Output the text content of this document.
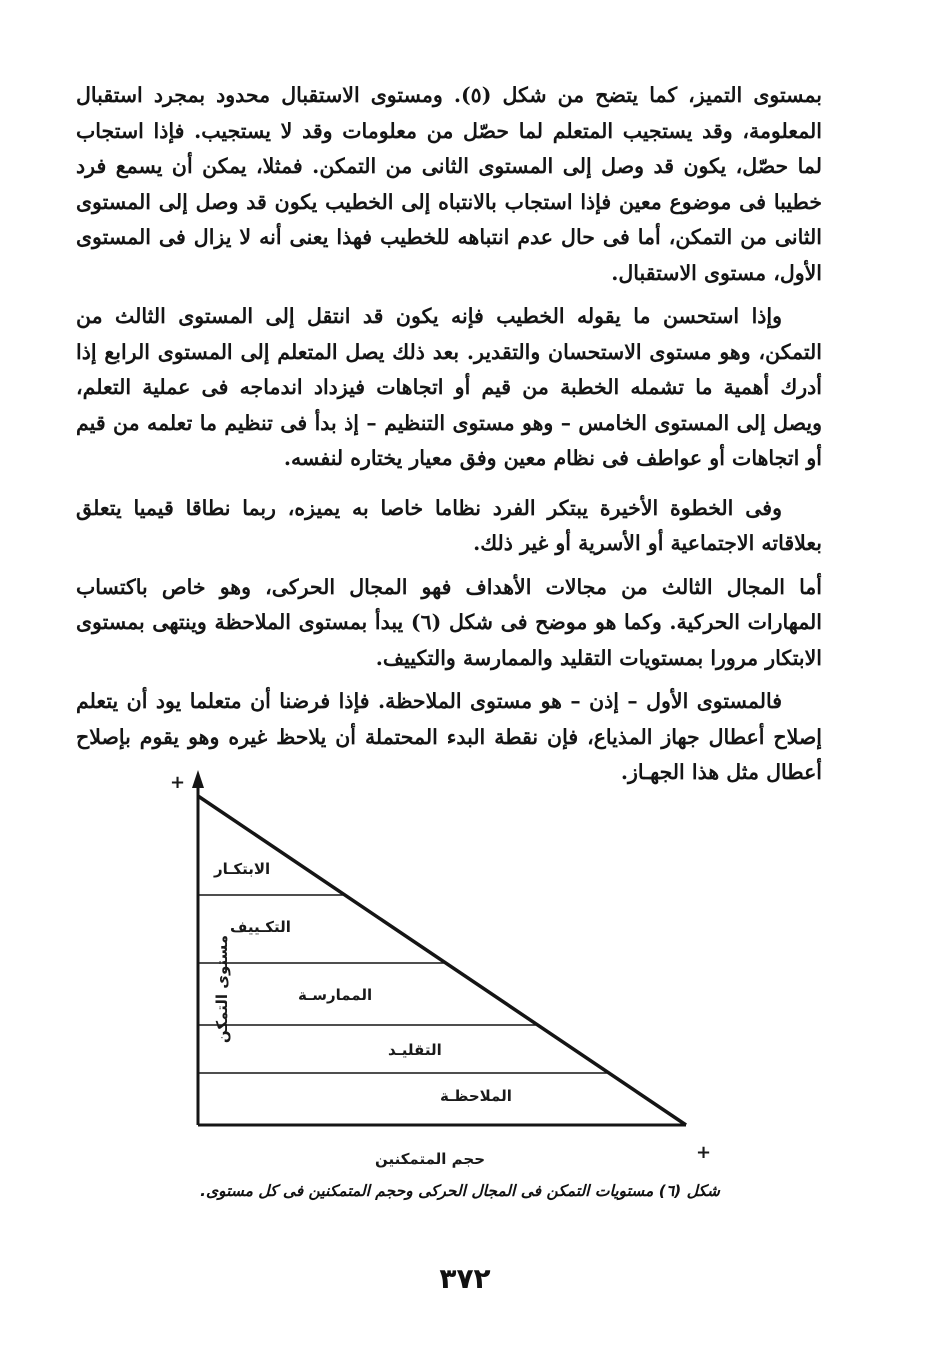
بمستوى التميز، كما يتضح من شكل (٥). ومستوى الاستقبال محدود بمجرد استقبال المعلومة، وقد يستجيب المتعلم لما حصّل من معلومات وقد لا يستجيب. فإذا استجاب لما حصّل، يكون قد وصل إلى المستوى الثانى من التمكن. فمثلا، يمكن أن يسمع فرد خطيبا فى موضوع معين فإذا استجاب بالانتباه إلى الخطيب يكون قد وصل إلى المستوى الثانى من التمكن، أما فى حال عدم انتباهه للخطيب فهذا يعنى أنه لا يزال فى المستوى الأول، مستوى الاستقبال.

وإذا استحسن ما يقوله الخطيب فإنه يكون قد انتقل إلى المستوى الثالث من التمكن، وهو مستوى الاستحسان والتقدير. بعد ذلك يصل المتعلم إلى المستوى الرابع إذا أدرك أهمية ما تشمله الخطبة من قيم أو اتجاهات فيزداد اندماجه فى عملية التعلم، ويصل إلى المستوى الخامس – وهو مستوى التنظيم – إذ بدأ فى تنظيم ما تعلمه من قيم أو اتجاهات أو عواطف فى نظام معين وفق معيار يختاره لنفسه.

وفى الخطوة الأخيرة يبتكر الفرد نظاما خاصا به يميزه، ربما نطاقا قيميا يتعلق بعلاقاته الاجتماعية أو الأسرية أو غير ذلك.

أما المجال الثالث من مجالات الأهداف فهو المجال الحركى، وهو خاص باكتساب المهارات الحركية. وكما هو موضح فى شكل (٦) يبدأ بمستوى الملاحظة وينتهى بمستوى الابتكار مرورا بمستويات التقليد والممارسة والتكييف.

فالمستوى الأول – إذن – هو مستوى الملاحظة. فإذا فرضنا أن متعلما يود أن يتعلم إصلاح أعطال جهاز المذياع، فإن نقطة البدء المحتملة أن يلاحظ غيره وهو يقوم بإصلاح أعطال مثل هذا الجهـاز.

+
+
الابتكـار
التكـييف
الممارسـة
التقليـد
الملاحظـة
مستوى التمكن
حجم المتمكنين
شكل (٦) مستويات التمكن فى المجال الحركى وحجم المتمكنين فى كل مستوى.
٣٧٢
